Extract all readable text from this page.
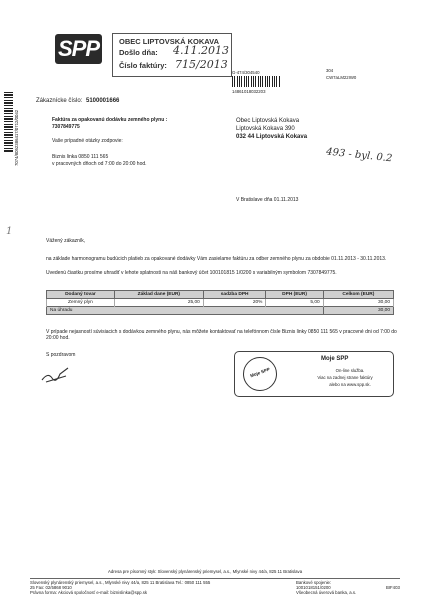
SPP	OBEC LIPTOVSKÁ KOKAVA
Došlo dňa: 4.11.2013
Číslo faktúry: 715/2013
G-474/304540	304
CW7aLM22IW0
14861018032203
7074/8052386417/0712/0042
Zákaznícke číslo: 5100001666
Faktúra za opakovanú dodávku zemného plynu :
7307849775
Vaše prípadné otázky zodpovie:
Biznis linka 0850 111 565
v pracovných dňoch od 7:00 do 20:00 hod.
Obec Liptovská Kokava
Liptovská Kokava 390
032 44 Liptovská Kokava
493 - byl. 0.2
V Bratislave dňa 01.11.2013
1
Vážený zákazník,
na základe harmonogramu budúcich platieb za opakované dodávky Vám zasielame faktúru za odber zemného plynu za obdobie 01.11.2013 - 30.11.2013.
Uvedenú čiastku prosíme uhradiť v lehote splatnosti na náš bankový účet 100101815 1/0200 s variabilným symbolom 7307849775.
Dodaný tovar	Základ dane (EUR)	sadzba DPH	DPH (EUR)	Celkom (EUR)
Zemný plyn	25,00	20%	5,00	30,00
Na úhradu				30,00
V prípade nejasností súvisiacich s dodávkou zemného plynu, nás môžete kontaktovať na telefónnom čísle Biznis linky 0850 111 565 v pracovné dni od 7:00 do 20:00 hod.
S pozdravom
Moje SPP
Moje SPP
On-line služba.
Viac na zadnej strane faktúry
alebo na www.spp.sk.
Adresa pre písomný styk: Slovenský plynárenský priemysel, a.s., Mlynské nivy 44/a, 825 11 Bratislava
Slovenský plynárenský priemysel, a.s., Mlynské nivy 44/a, 825 11 Bratislava Tel.: 0850 111 555
25 Fax: 02/5868 9010
Právna forma: Akciová spoločnosť e-mail: biznislinka@spp.sk
Bankové spojenie:
1001018151/0200
Všeobecná úverová banka, a.s.
BIF403
